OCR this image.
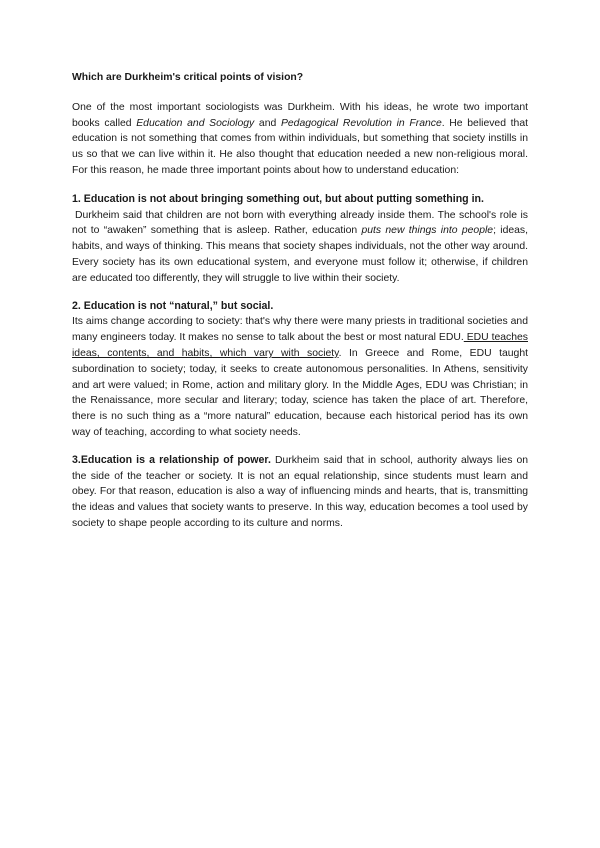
Which are Durkheim's critical points of vision?

One of the most important sociologists was Durkheim. With his ideas, he wrote two important books called Education and Sociology and Pedagogical Revolution in France. He believed that education is not something that comes from within individuals, but something that society instills in us so that we can live within it. He also thought that education needed a new non-religious moral. For this reason, he made three important points about how to understand education:

1. Education is not about bringing something out, but about putting something in.

Durkheim said that children are not born with everything already inside them. The school's role is not to “awaken” something that is asleep. Rather, education puts new things into people; ideas, habits, and ways of thinking. This means that society shapes individuals, not the other way around. Every society has its own educational system, and everyone must follow it; otherwise, if children are educated too differently, they will struggle to live within their society.

2. Education is not “natural,” but social.

Its aims change according to society: that's why there were many priests in traditional societies and many engineers today. It makes no sense to talk about the best or most natural EDU. EDU teaches ideas, contents, and habits, which vary with society. In Greece and Rome, EDU taught subordination to society; today, it seeks to create autonomous personalities. In Athens, sensitivity and art were valued; in Rome, action and military glory. In the Middle Ages, EDU was Christian; in the Renaissance, more secular and literary; today, science has taken the place of art. Therefore, there is no such thing as a “more natural” education, because each historical period has its own way of teaching, according to what society needs.

3.Education is a relationship of power. Durkheim said that in school, authority always lies on the side of the teacher or society. It is not an equal relationship, since students must learn and obey. For that reason, education is also a way of influencing minds and hearts, that is, transmitting the ideas and values that society wants to preserve. In this way, education becomes a tool used by society to shape people according to its culture and norms.
